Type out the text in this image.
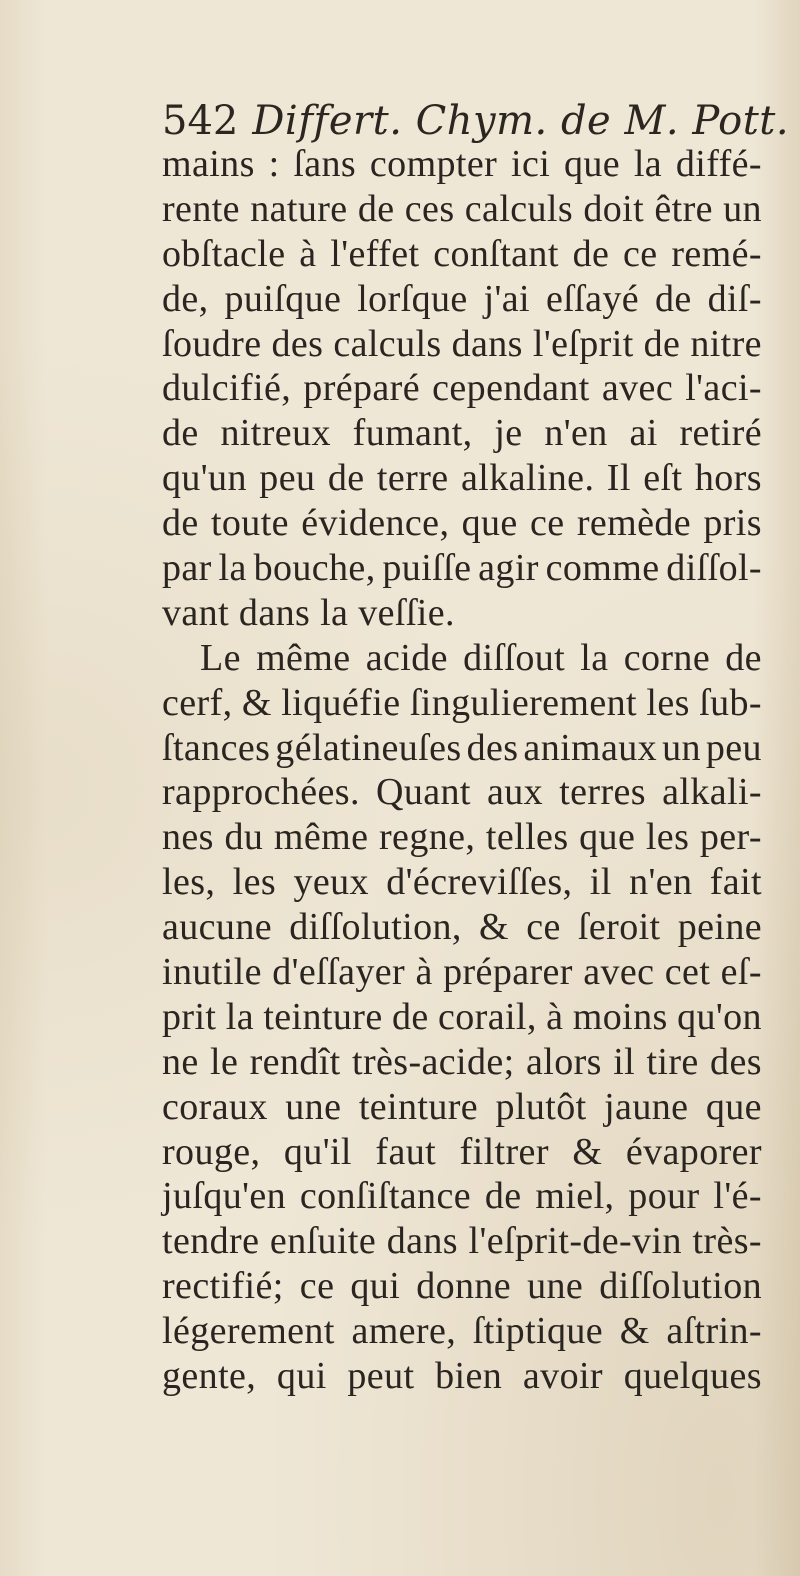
542 Differt. Chym. de M. Pott.
mains : ſans compter ici que la diffé-
rente nature de ces calculs doit être un
obſtacle à l'effet conſtant de ce remé-
de, puiſque lorſque j'ai eſſayé de diſ-
ſoudre des calculs dans l'eſprit de nitre
dulcifié, préparé cependant avec l'aci-
de nitreux fumant, je n'en ai retiré
qu'un peu de terre alkaline. Il eſt hors
de toute évidence, que ce remède pris
par la bouche, puiſſe agir comme diſſol-
vant dans la veſſie.
Le même acide diſſout la corne de
cerf, & liquéfie ſingulierement les ſub-
ſtances gélatineuſes des animaux un peu
rapprochées. Quant aux terres alkali-
nes du même regne, telles que les per-
les, les yeux d'écreviſſes, il n'en fait
aucune diſſolution, & ce ſeroit peine
inutile d'eſſayer à préparer avec cet eſ-
prit la teinture de corail, à moins qu'on
ne le rendît très-acide; alors il tire des
coraux une teinture plutôt jaune que
rouge, qu'il faut filtrer & évaporer
juſqu'en conſiſtance de miel, pour l'é-
tendre enſuite dans l'eſprit-de-vin très-
rectifié; ce qui donne une diſſolution
légerement amere, ſtiptique & aſtrin-
gente, qui peut bien avoir quelques
